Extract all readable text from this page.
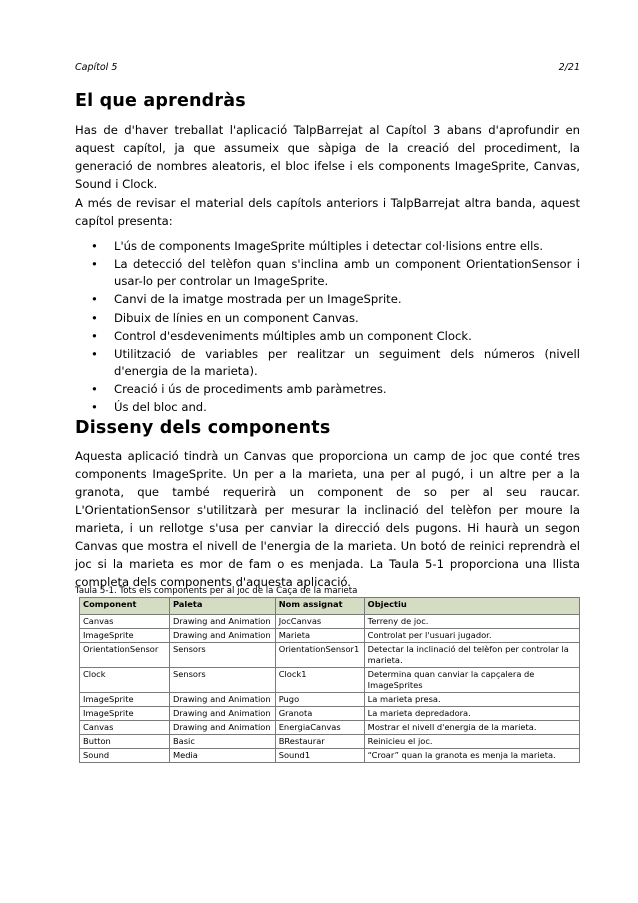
Capítol 5	2/21
El que aprendràs

Has de d'haver treballat l'aplicació TalpBarrejat al Capítol 3 abans d'aprofundir en aquest capítol, ja que assumeix que sàpiga de la creació del procediment, la generació de nombres aleatoris, el bloc ifelse i els components ImageSprite, Canvas, Sound i Clock.

A més de revisar el material dels capítols anteriors i TalpBarrejat altra banda, aquest capítol presenta:

• L'ús de components ImageSprite múltiples i detectar col·lisions entre ells.
• La detecció del telèfon quan s'inclina amb un component OrientationSensor i usar-lo per controlar un ImageSprite.
• Canvi de la imatge mostrada per un ImageSprite.
• Dibuix de línies en un component Canvas.
• Control d'esdeveniments múltiples amb un component Clock.
• Utilització de variables per realitzar un seguiment dels números (nivell d'energia de la marieta).
• Creació i ús de procediments amb paràmetres.
• Ús del bloc and.
Disseny dels components

Aquesta aplicació tindrà un Canvas que proporciona un camp de joc que conté tres components ImageSprite. Un per a la marieta, una per al pugó, i un altre per a la granota, que també requerirà un component de so per al seu raucar. L'OrientationSensor s'utilitzarà per mesurar la inclinació del telèfon per moure la marieta, i un rellotge s'usa per canviar la direcció dels pugons. Hi haurà un segon Canvas que mostra el nivell de l'energia de la marieta. Un botó de reinici reprendrà el joc si la marieta es mor de fam o es menjada. La Taula 5-1 proporciona una llista completa dels components d'aquesta aplicació.

Taula 5-1. Tots els components per al joc de la Caça de la marieta
Component	Paleta	Nom assignat	Objectiu
Canvas	Drawing and Animation	JocCanvas	Terreny de joc.
ImageSprite	Drawing and Animation	Marieta	Controlat per l'usuari jugador.
OrientationSensor	Sensors	OrientationSensor1	Detectar la inclinació del telèfon per controlar la marieta.
Clock	Sensors	Clock1	Determina quan canviar la capçalera de ImageSprites
ImageSprite	Drawing and Animation	Pugo	La marieta presa.
ImageSprite	Drawing and Animation	Granota	La marieta depredadora.
Canvas	Drawing and Animation	EnergiaCanvas	Mostrar el nivell d'energia de la marieta.
Button	Basic	BRestaurar	Reinicieu el joc.
Sound	Media	Sound1	“Croar” quan la granota es menja la marieta.
